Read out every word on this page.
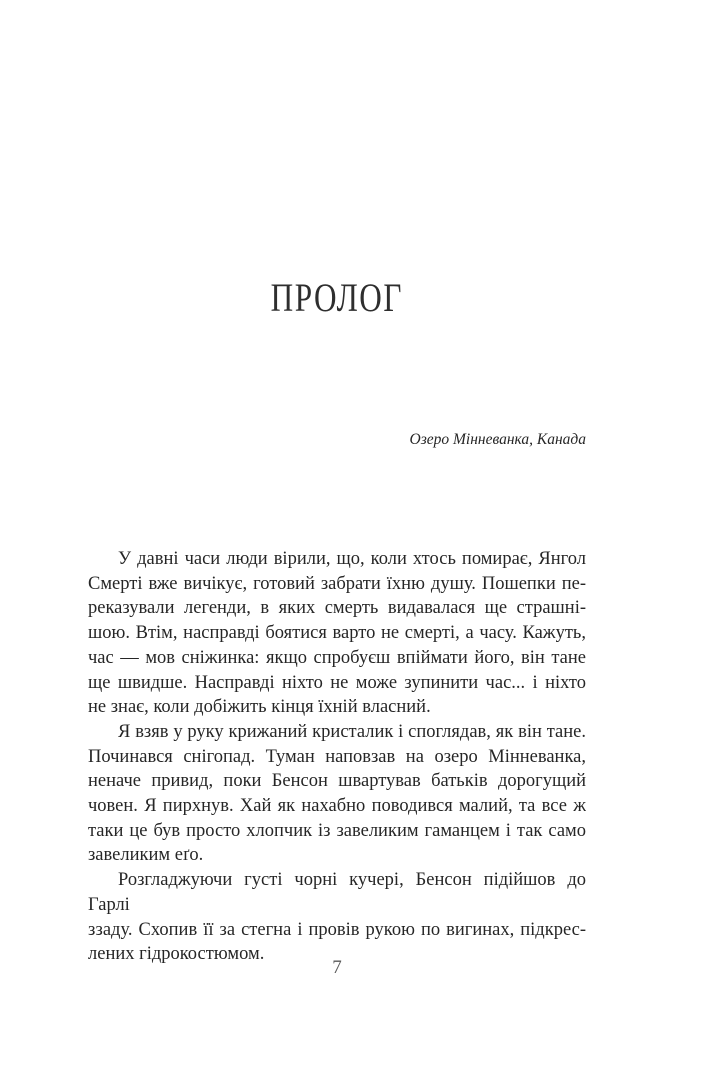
ПРОЛОГ
Озеро Мінневанка, Канада
У давні часи люди вірили, що, коли хтось помирає, Янгол
Смерті вже вичікує, готовий забрати їхню душу. Пошепки пе-
реказували легенди, в яких смерть видавалася ще страшні-
шою. Втім, насправді боятися варто не смерті, а часу. Кажуть,
час — мов сніжинка: якщо спробуєш впіймати його, він тане
ще швидше. Насправді ніхто не може зупинити час... і ніхто
не знає, коли добіжить кінця їхній власний.
Я взяв у руку крижаний кристалик і споглядав, як він тане.
Починався снігопад. Туман наповзав на озеро Мінневанка,
неначе привид, поки Бенсон швартував батьків дорогущий
човен. Я пирхнув. Хай як нахабно поводився малий, та все ж
таки це був просто хлопчик із завеликим гаманцем і так само
завеликим еґо.
Розгладжуючи густі чорні кучері, Бенсон підійшов до Гарлі
ззаду. Схопив її за стегна і провів рукою по вигинах, підкрес-
лених гідрокостюмом.
7
